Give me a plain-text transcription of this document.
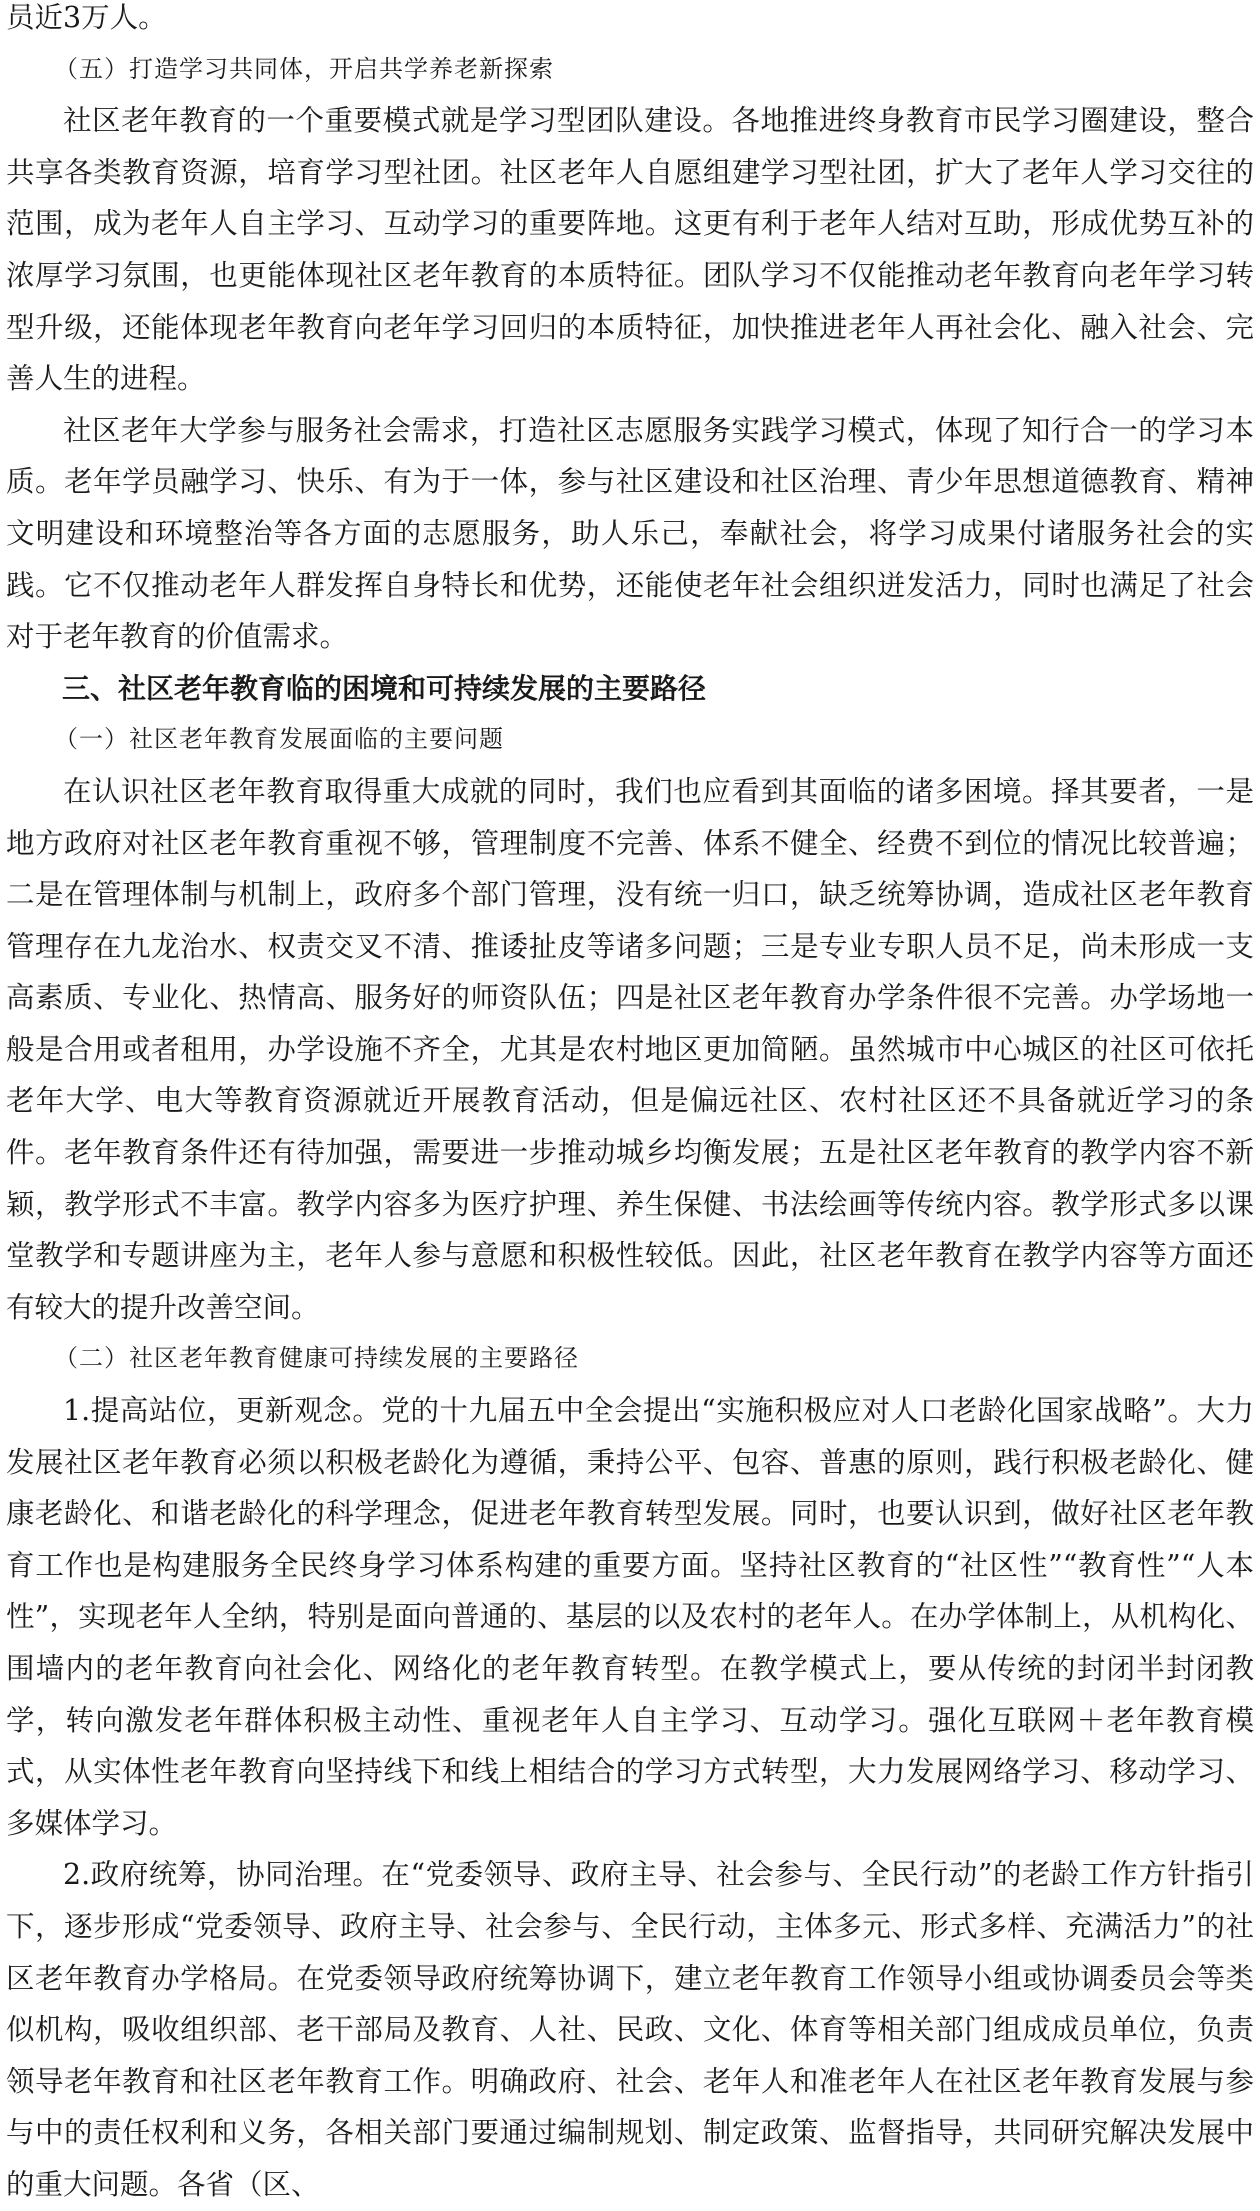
员近3万人。

（五）打造学习共同体，开启共学养老新探索

社区老年教育的一个重要模式就是学习型团队建设。各地推进终身教育市民学习圈建设，整合共享各类教育资源，培育学习型社团。社区老年人自愿组建学习型社团，扩大了老年人学习交往的范围，成为老年人自主学习、互动学习的重要阵地。这更有利于老年人结对互助，形成优势互补的浓厚学习氛围，也更能体现社区老年教育的本质特征。团队学习不仅能推动老年教育向老年学习转型升级，还能体现老年教育向老年学习回归的本质特征，加快推进老年人再社会化、融入社会、完善人生的进程。

社区老年大学参与服务社会需求，打造社区志愿服务实践学习模式，体现了知行合一的学习本质。老年学员融学习、快乐、有为于一体，参与社区建设和社区治理、青少年思想道德教育、精神文明建设和环境整治等各方面的志愿服务，助人乐己，奉献社会，将学习成果付诸服务社会的实践。它不仅推动老年人群发挥自身特长和优势，还能使老年社会组织迸发活力，同时也满足了社会对于老年教育的价值需求。

三、社区老年教育临的困境和可持续发展的主要路径

（一）社区老年教育发展面临的主要问题

在认识社区老年教育取得重大成就的同时，我们也应看到其面临的诸多困境。择其要者，一是地方政府对社区老年教育重视不够，管理制度不完善、体系不健全、经费不到位的情况比较普遍；二是在管理体制与机制上，政府多个部门管理，没有统一归口，缺乏统筹协调，造成社区老年教育管理存在九龙治水、权责交叉不清、推诿扯皮等诸多问题；三是专业专职人员不足，尚未形成一支高素质、专业化、热情高、服务好的师资队伍；四是社区老年教育办学条件很不完善。办学场地一般是合用或者租用，办学设施不齐全，尤其是农村地区更加简陋。虽然城市中心城区的社区可依托老年大学、电大等教育资源就近开展教育活动，但是偏远社区、农村社区还不具备就近学习的条件。老年教育条件还有待加强，需要进一步推动城乡均衡发展；五是社区老年教育的教学内容不新颖，教学形式不丰富。教学内容多为医疗护理、养生保健、书法绘画等传统内容。教学形式多以课堂教学和专题讲座为主，老年人参与意愿和积极性较低。因此，社区老年教育在教学内容等方面还有较大的提升改善空间。

（二）社区老年教育健康可持续发展的主要路径

1.提高站位，更新观念。党的十九届五中全会提出“实施积极应对人口老龄化国家战略”。大力发展社区老年教育必须以积极老龄化为遵循，秉持公平、包容、普惠的原则，践行积极老龄化、健康老龄化、和谐老龄化的科学理念，促进老年教育转型发展。同时，也要认识到，做好社区老年教育工作也是构建服务全民终身学习体系构建的重要方面。坚持社区教育的“社区性”“教育性”“人本性”，实现老年人全纳，特别是面向普通的、基层的以及农村的老年人。在办学体制上，从机构化、围墙内的老年教育向社会化、网络化的老年教育转型。在教学模式上，要从传统的封闭半封闭教学，转向激发老年群体积极主动性、重视老年人自主学习、互动学习。强化互联网＋老年教育模式，从实体性老年教育向坚持线下和线上相结合的学习方式转型，大力发展网络学习、移动学习、多媒体学习。

2.政府统筹，协同治理。在“党委领导、政府主导、社会参与、全民行动”的老龄工作方针指引下，逐步形成“党委领导、政府主导、社会参与、全民行动，主体多元、形式多样、充满活力”的社区老年教育办学格局。在党委领导政府统筹协调下，建立老年教育工作领导小组或协调委员会等类似机构，吸收组织部、老干部局及教育、人社、民政、文化、体育等相关部门组成成员单位，负责领导老年教育和社区老年教育工作。明确政府、社会、老年人和准老年人在社区老年教育发展与参与中的责任权利和义务，各相关部门要通过编制规划、制定政策、监督指导，共同研究解决发展中的重大问题。各省（区、
